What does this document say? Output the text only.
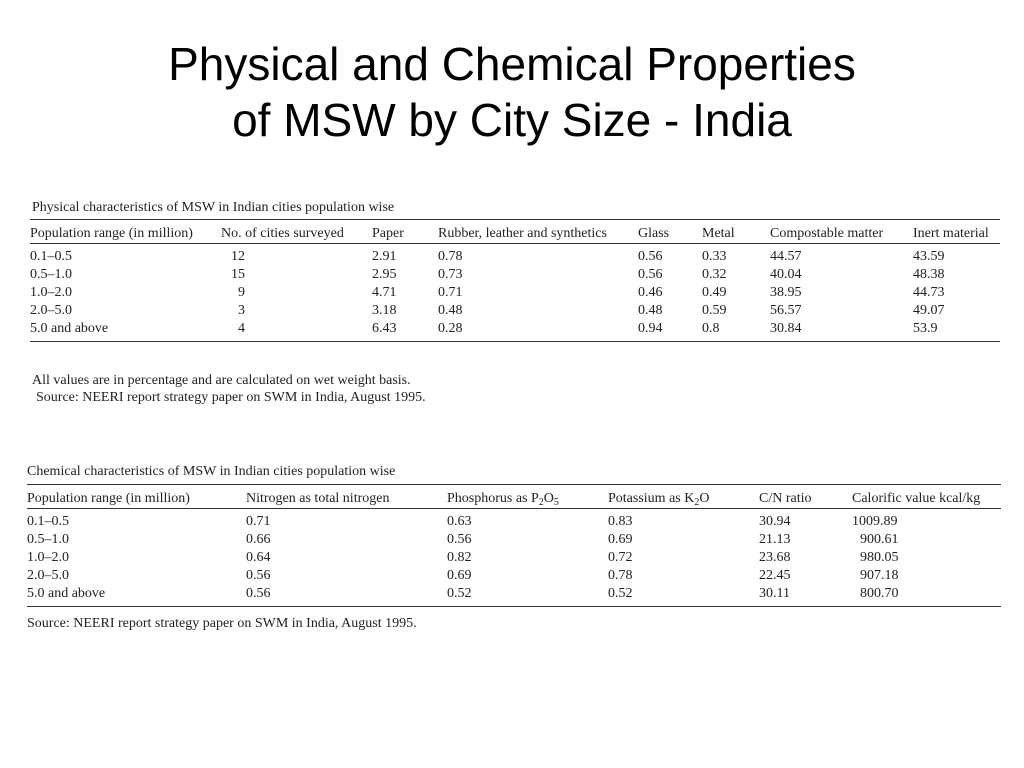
Physical and Chemical Properties
of MSW by City Size - India
Physical characteristics of MSW in Indian cities population wise
Population range (in million)	No. of cities surveyed	Paper	Rubber, leather and synthetics	Glass	Metal	Compostable matter	Inert material
0.1–0.5	12	2.91	0.78	0.56	0.33	44.57	43.59
0.5–1.0	15	2.95	0.73	0.56	0.32	40.04	48.38
1.0–2.0	9	4.71	0.71	0.46	0.49	38.95	44.73
2.0–5.0	3	3.18	0.48	0.48	0.59	56.57	49.07
5.0 and above	4	6.43	0.28	0.94	0.8	30.84	53.9
All values are in percentage and are calculated on wet weight basis.
Source: NEERI report strategy paper on SWM in India, August 1995.
Chemical characteristics of MSW in Indian cities population wise
Population range (in million)	Nitrogen as total nitrogen	Phosphorus as $P_2O_5$	Potassium as $K_2O$	C/N ratio	Calorific value kcal/kg
0.1–0.5	0.71	0.63	0.83	30.94	1009.89
0.5–1.0	0.66	0.56	0.69	21.13	900.61
1.0–2.0	0.64	0.82	0.72	23.68	980.05
2.0–5.0	0.56	0.69	0.78	22.45	907.18
5.0 and above	0.56	0.52	0.52	30.11	800.70
Source: NEERI report strategy paper on SWM in India, August 1995.
